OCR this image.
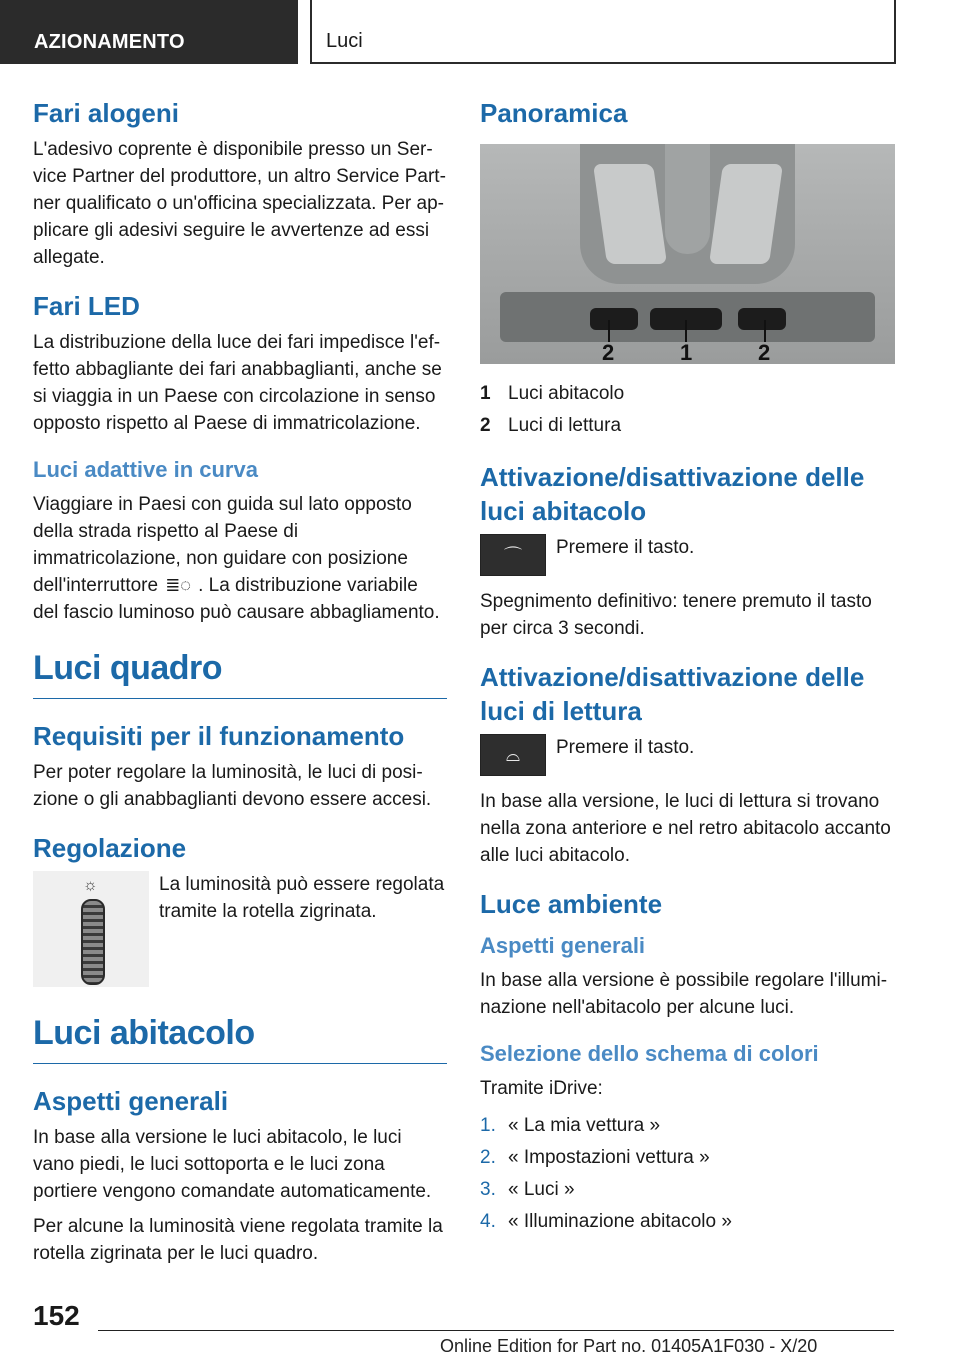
AZIONAMENTO	Luci
Fari alogeni

L'adesivo coprente è disponibile presso un Service Partner del produttore, un altro Service Partner qualificato o un'officina specializzata. Per applicare gli adesivi seguire le avvertenze ad essi allegate.

Fari LED

La distribuzione della luce dei fari impedisce l'effetto abbagliante dei fari anabbaglianti, anche se si viaggia in un Paese con circolazione in senso opposto rispetto al Paese di immatricolazione.

Luci adattive in curva

Viaggiare in Paesi con guida sul lato opposto della strada rispetto al Paese di immatricolazione, non guidare con posizione dell'interruttore ≣◌ . La distribuzione variabile del fascio luminoso può causare abbagliamento.

Luci quadro
Requisiti per il funzionamento

Per poter regolare la luminosità, le luci di posizione o gli anabbaglianti devono essere accesi.

Regolazione
☼	La luminosità può essere regolata tramite la rotella zigrinata.

Luci abitacolo
Aspetti generali

In base alla versione le luci abitacolo, le luci vano piedi, le luci sottoporta e le luci zona portiere vengono comandate automaticamente.

Per alcune la luminosità viene regolata tramite la rotella zigrinata per le luci quadro.

Panoramica
2	1	2
1 Luci abitacolo
2 Luci di lettura
Attivazione/disattivazione delle luci abitacolo
⌒	Premere il tasto.

Spegnimento definitivo: tenere premuto il tasto per circa 3 secondi.

Attivazione/disattivazione delle luci di lettura
⌓	Premere il tasto.

In base alla versione, le luci di lettura si trovano nella zona anteriore e nel retro abitacolo accanto alle luci abitacolo.

Luce ambiente
Aspetti generali

In base alla versione è possibile regolare l'illuminazione nell'abitacolo per alcune luci.

Selezione dello schema di colori

Tramite iDrive:

1. « La mia vettura »
2. « Impostazioni vettura »
3. « Luci »
4. « Illuminazione abitacolo »
152
Online Edition for Part no. 01405A1F030 - X/20
